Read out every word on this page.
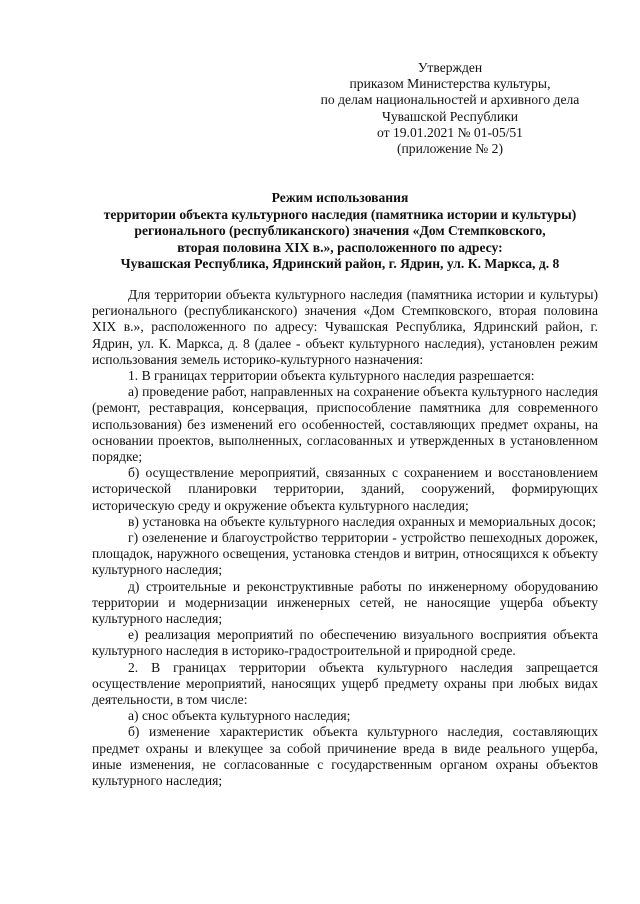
Утвержден
приказом Министерства культуры,
по делам национальностей и архивного дела
Чувашской Республики
от 19.01.2021 № 01-05/51
(приложение № 2)
Режим использования
территории объекта культурного наследия (памятника истории и культуры)
регионального (республиканского) значения «Дом Стемпковского,
вторая половина XIX в.», расположенного по адресу:
Чувашская Республика, Ядринский район, г. Ядрин, ул. К. Маркса, д. 8

Для территории объекта культурного наследия (памятника истории и культуры) регионального (республиканского) значения «Дом Стемпковского, вторая половина XIX в.», расположенного по адресу: Чувашская Республика, Ядринский район, г. Ядрин, ул. К. Маркса, д. 8 (далее - объект культурного наследия), установлен режим использования земель историко-культурного назначения:

1. В границах территории объекта культурного наследия разрешается:

а) проведение работ, направленных на сохранение объекта культурного наследия (ремонт, реставрация, консервация, приспособление памятника для современного использования) без изменений его особенностей, составляющих предмет охраны, на основании проектов, выполненных, согласованных и утвержденных в установленном порядке;

б) осуществление мероприятий, связанных с сохранением и восстановлением исторической планировки территории, зданий, сооружений, формирующих историческую среду и окружение объекта культурного наследия;

в) установка на объекте культурного наследия охранных и мемориальных досок;

г) озеленение и благоустройство территории - устройство пешеходных дорожек, площадок, наружного освещения, установка стендов и витрин, относящихся к объекту культурного наследия;

д) строительные и реконструктивные работы по инженерному оборудованию территории и модернизации инженерных сетей, не наносящие ущерба объекту культурного наследия;

е) реализация мероприятий по обеспечению визуального восприятия объекта культурного наследия в историко-градостроительной и природной среде.

2. В границах территории объекта культурного наследия запрещается осуществление мероприятий, наносящих ущерб предмету охраны при любых видах деятельности, в том числе:

а) снос объекта культурного наследия;

б) изменение характеристик объекта культурного наследия, составляющих предмет охраны и влекущее за собой причинение вреда в виде реального ущерба, иные изменения, не согласованные с государственным органом охраны объектов культурного наследия;
